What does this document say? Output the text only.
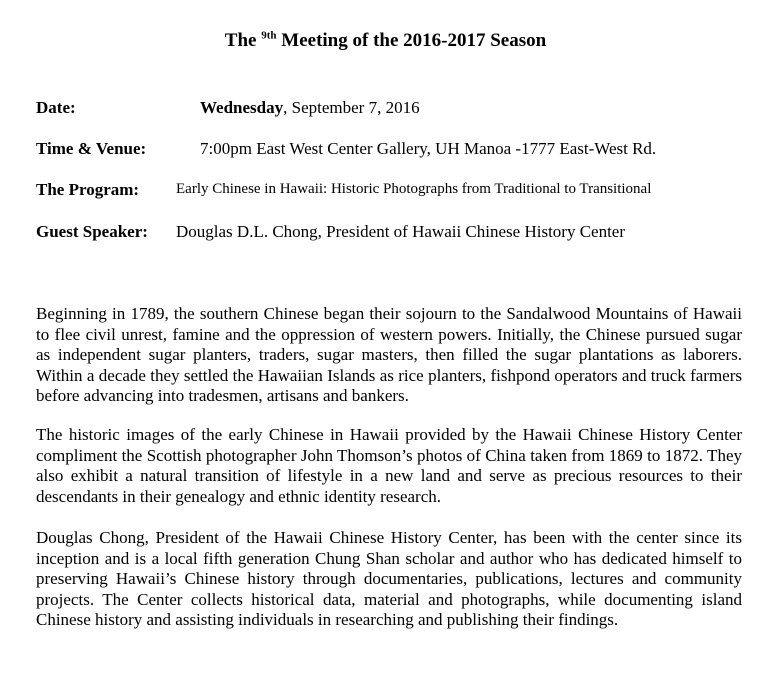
The $^{9th}$ Meeting of the 2016-2017 Season
Date:	Wednesday, September 7, 2016
Time & Venue:	7:00pm East West Center Gallery, UH Manoa -1777 East-West Rd.
The Program: Early Chinese in Hawaii: Historic Photographs from Traditional to Transitional
Guest Speaker: Douglas D.L. Chong, President of Hawaii Chinese History Center

Beginning in 1789, the southern Chinese began their sojourn to the Sandalwood Mountains of Hawaii to flee civil unrest, famine and the oppression of western powers. Initially, the Chinese pursued sugar as independent sugar planters, traders, sugar masters, then filled the sugar plantations as laborers. Within a decade they settled the Hawaiian Islands as rice planters, fishpond operators and truck farmers before advancing into tradesmen, artisans and bankers.

The historic images of the early Chinese in Hawaii provided by the Hawaii Chinese History Center compliment the Scottish photographer John Thomson’s photos of China taken from 1869 to 1872. They also exhibit a natural transition of lifestyle in a new land and serve as precious resources to their descendants in their genealogy and ethnic identity research.

Douglas Chong, President of the Hawaii Chinese History Center, has been with the center since its inception and is a local fifth generation Chung Shan scholar and author who has dedicated himself to preserving Hawaii’s Chinese history through documentaries, publications, lectures and community projects. The Center collects historical data, material and photographs, while documenting island Chinese history and assisting individuals in researching and publishing their findings.
